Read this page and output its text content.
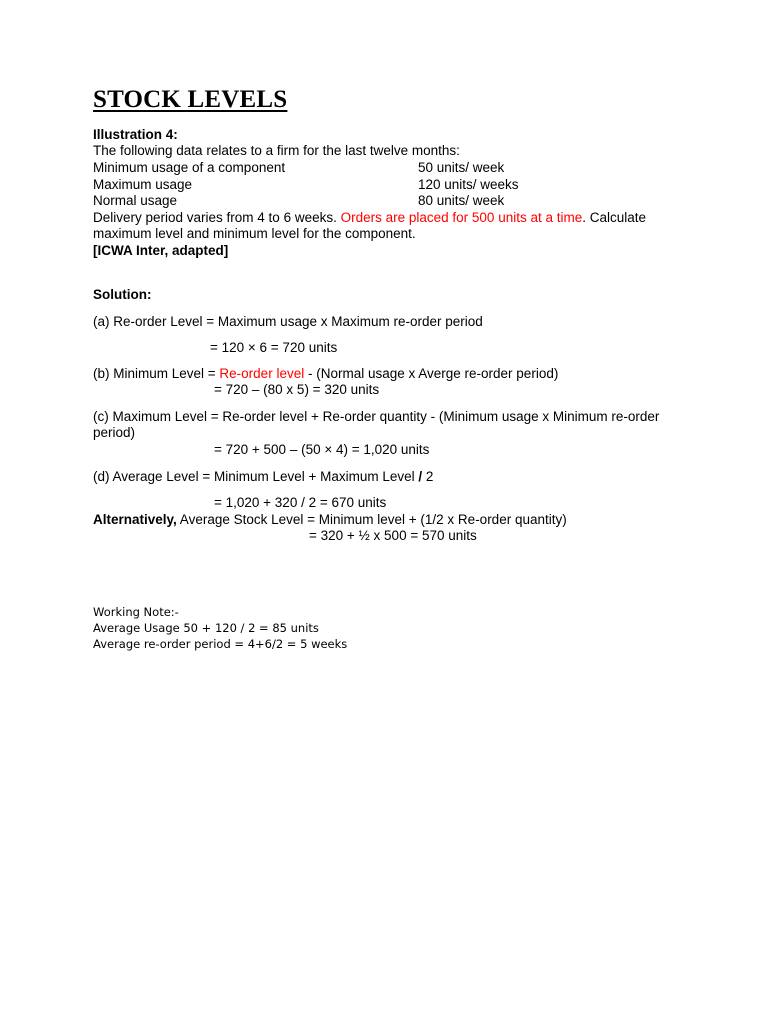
STOCK LEVELS
Illustration 4:
The following data relates to a firm for the last twelve months:
Minimum usage of a component	50 units/ week
Maximum usage	120 units/ weeks
Normal usage	80 units/ week
Delivery period varies from 4 to 6 weeks. Orders are placed for 500 units at a time. Calculate maximum level and minimum level for the component.
[ICWA Inter, adapted]
Solution:
(a) Re-order Level = Maximum usage x Maximum re-order period
= 120 × 6 = 720 units
(b) Minimum Level = Re-order level - (Normal usage x Averge re-order period)
= 720 – (80 x 5) = 320 units
(c) Maximum Level = Re-order level + Re-order quantity - (Minimum usage x Minimum re-order period)
= 720 + 500 – (50 × 4) = 1,020 units
(d) Average Level = Minimum Level + Maximum Level / 2
= 1,020 + 320 / 2 = 670 units
Alternatively, Average Stock Level = Minimum level + (1/2 x Re-order quantity)
= 320 + ½ x 500 = 570 units
Working Note:-
Average Usage 50 + 120 / 2 = 85 units
Average re-order period = 4+6/2 = 5 weeks
